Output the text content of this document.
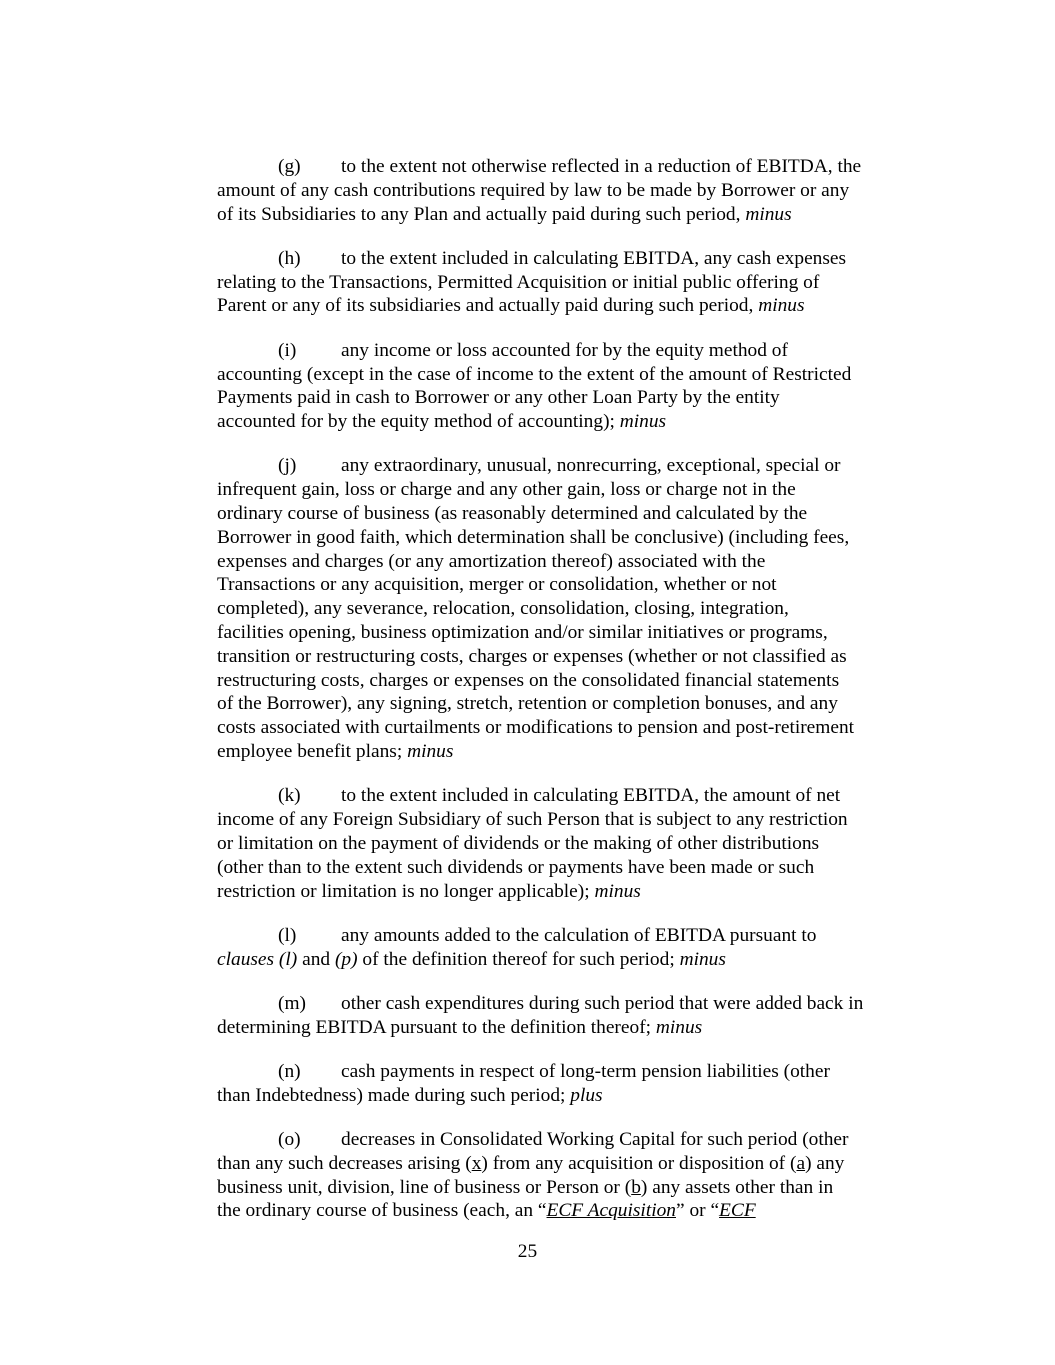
(g) to the extent not otherwise reflected in a reduction of EBITDA, the
amount of any cash contributions required by law to be made by Borrower or any
of its Subsidiaries to any Plan and actually paid during such period, minus

(h) to the extent included in calculating EBITDA, any cash expenses
relating to the Transactions, Permitted Acquisition or initial public offering of
Parent or any of its subsidiaries and actually paid during such period, minus

(i) any income or loss accounted for by the equity method of
accounting (except in the case of income to the extent of the amount of Restricted
Payments paid in cash to Borrower or any other Loan Party by the entity
accounted for by the equity method of accounting); minus

(j) any extraordinary, unusual, nonrecurring, exceptional, special or
infrequent gain, loss or charge and any other gain, loss or charge not in the
ordinary course of business (as reasonably determined and calculated by the
Borrower in good faith, which determination shall be conclusive) (including fees,
expenses and charges (or any amortization thereof) associated with the
Transactions or any acquisition, merger or consolidation, whether or not
completed), any severance, relocation, consolidation, closing, integration,
facilities opening, business optimization and/or similar initiatives or programs,
transition or restructuring costs, charges or expenses (whether or not classified as
restructuring costs, charges or expenses on the consolidated financial statements
of the Borrower), any signing, stretch, retention or completion bonuses, and any
costs associated with curtailments or modifications to pension and post-retirement
employee benefit plans; minus

(k) to the extent included in calculating EBITDA, the amount of net
income of any Foreign Subsidiary of such Person that is subject to any restriction
or limitation on the payment of dividends or the making of other distributions
(other than to the extent such dividends or payments have been made or such
restriction or limitation is no longer applicable); minus

(l) any amounts added to the calculation of EBITDA pursuant to
clauses (l) and (p) of the definition thereof for such period; minus

(m) other cash expenditures during such period that were added back in
determining EBITDA pursuant to the definition thereof; minus

(n) cash payments in respect of long-term pension liabilities (other
than Indebtedness) made during such period; plus

(o) decreases in Consolidated Working Capital for such period (other
than any such decreases arising (x) from any acquisition or disposition of (a) any
business unit, division, line of business or Person or (b) any assets other than in
the ordinary course of business (each, an “ECF Acquisition” or “ECF

25
